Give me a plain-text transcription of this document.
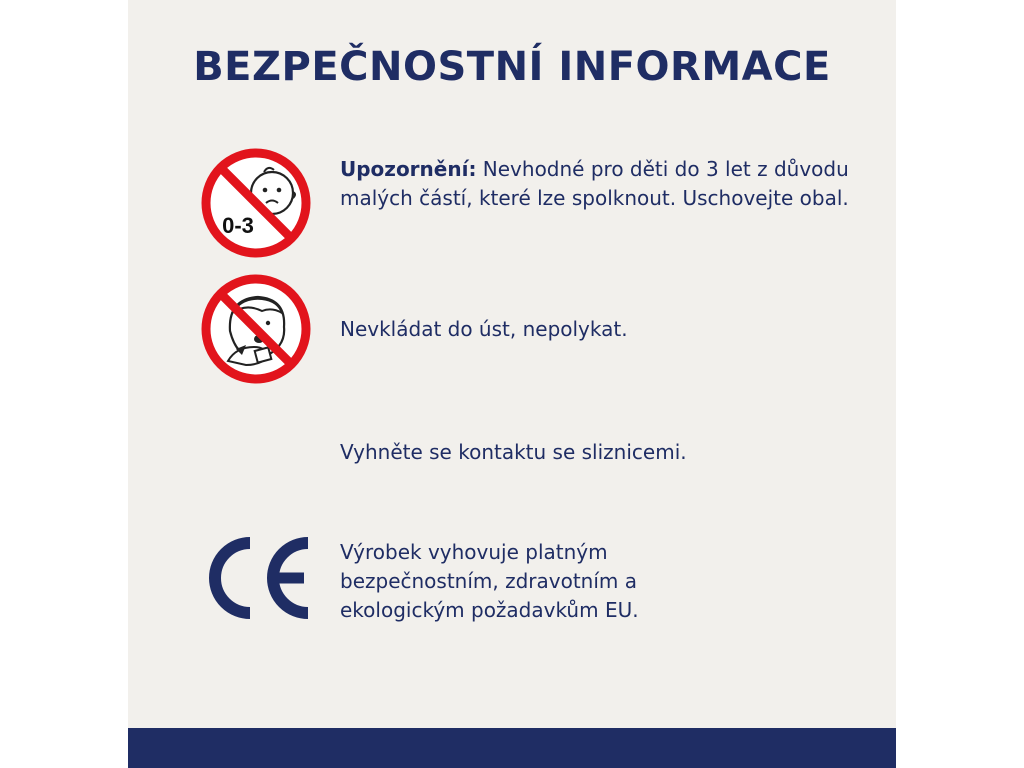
BEZPEČNOSTNÍ INFORMACE
0-3

Upozornění: Nevhodné pro děti do 3 let z důvodu malých částí, které lze spolknout. Uschovejte obal.

Nevkládat do úst, nepolykat.

Vyhněte se kontaktu se sliznicemi.

Výrobek vyhovuje platným bezpečnostním, zdravotním a ekologickým požadavkům EU.
